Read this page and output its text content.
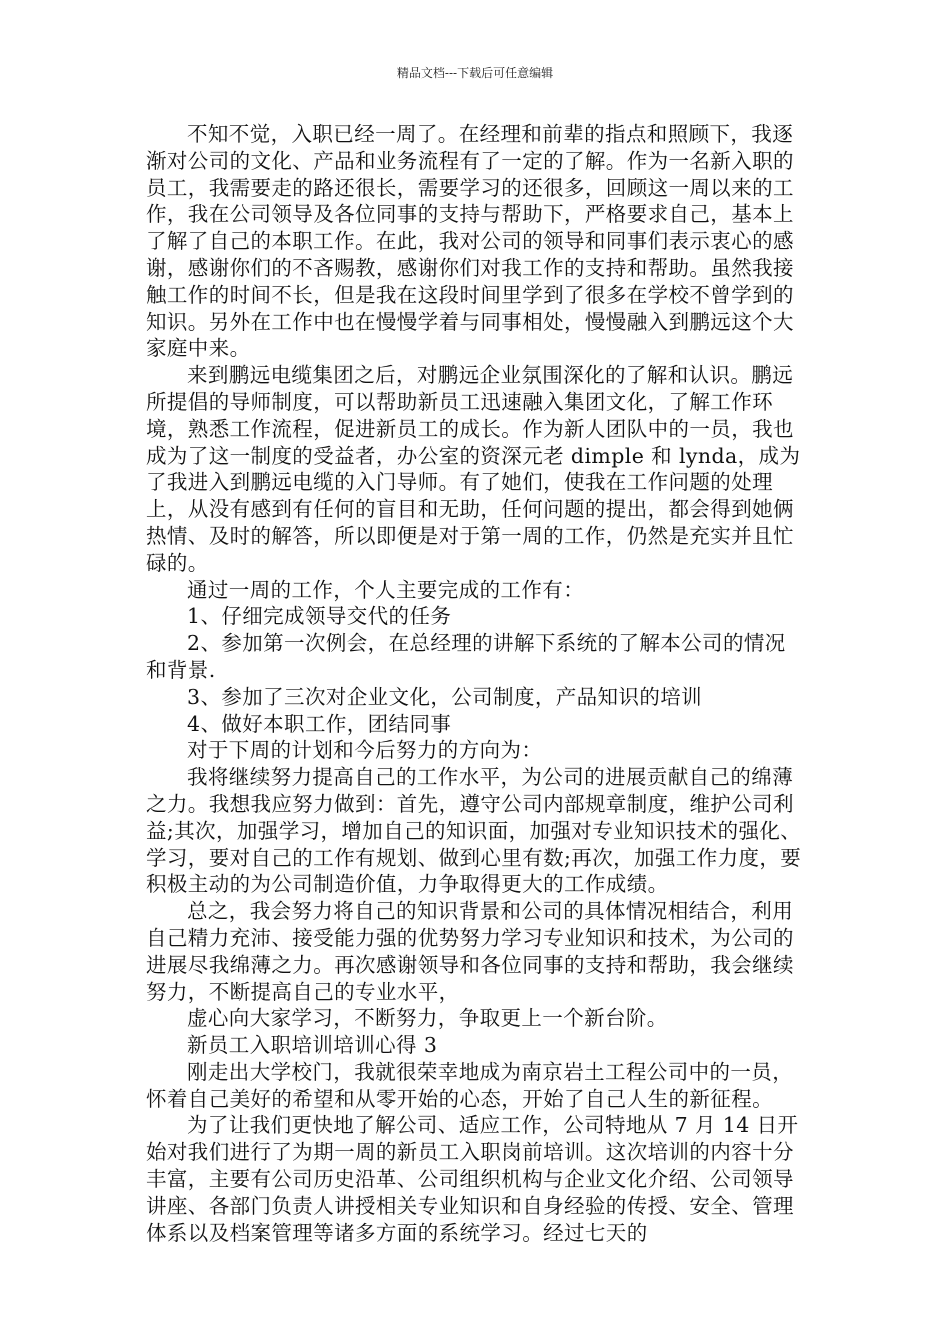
精品文档---下载后可任意编辑

不知不觉，入职已经一周了。在经理和前辈的指点和照顾下，我逐渐对公司的文化、产品和业务流程有了一定的了解。作为一名新入职的员工，我需要走的路还很长，需要学习的还很多，回顾这一周以来的工作，我在公司领导及各位同事的支持与帮助下，严格要求自己，基本上了解了自己的本职工作。在此，我对公司的领导和同事们表示衷心的感谢，感谢你们的不吝赐教，感谢你们对我工作的支持和帮助。虽然我接触工作的时间不长，但是我在这段时间里学到了很多在学校不曾学到的知识。另外在工作中也在慢慢学着与同事相处，慢慢融入到鹏远这个大家庭中来。

来到鹏远电缆集团之后，对鹏远企业氛围深化的了解和认识。鹏远所提倡的导师制度，可以帮助新员工迅速融入集团文化，了解工作环境，熟悉工作流程，促进新员工的成长。作为新人团队中的一员，我也成为了这一制度的受益者，办公室的资深元老 dimple 和 lynda，成为了我进入到鹏远电缆的入门导师。有了她们，使我在工作问题的处理上，从没有感到有任何的盲目和无助，任何问题的提出，都会得到她俩热情、及时的解答，所以即便是对于第一周的工作，仍然是充实并且忙碌的。

通过一周的工作，个人主要完成的工作有：

1、仔细完成领导交代的任务

2、参加第一次例会，在总经理的讲解下系统的了解本公司的情况和背景.

3、参加了三次对企业文化，公司制度，产品知识的培训

4、做好本职工作，团结同事

对于下周的计划和今后努力的方向为：

我将继续努力提高自己的工作水平，为公司的进展贡献自己的绵薄之力。我想我应努力做到：首先，遵守公司内部规章制度，维护公司利益;其次，加强学习，增加自己的知识面，加强对专业知识技术的强化、学习，要对自己的工作有规划、做到心里有数;再次，加强工作力度，要积极主动的为公司制造价值，力争取得更大的工作成绩。

总之，我会努力将自己的知识背景和公司的具体情况相结合，利用自己精力充沛、接受能力强的优势努力学习专业知识和技术，为公司的进展尽我绵薄之力。再次感谢领导和各位同事的支持和帮助，我会继续努力，不断提高自己的专业水平，

虚心向大家学习，不断努力，争取更上一个新台阶。

新员工入职培训培训心得 3

刚走出大学校门，我就很荣幸地成为南京岩土工程公司中的一员，怀着自己美好的希望和从零开始的心态，开始了自己人生的新征程。

为了让我们更快地了解公司、适应工作，公司特地从 7 月 14 日开始对我们进行了为期一周的新员工入职岗前培训。这次培训的内容十分丰富，主要有公司历史沿革、公司组织机构与企业文化介绍、公司领导讲座、各部门负责人讲授相关专业知识和自身经验的传授、安全、管理体系以及档案管理等诸多方面的系统学习。经过七天的
